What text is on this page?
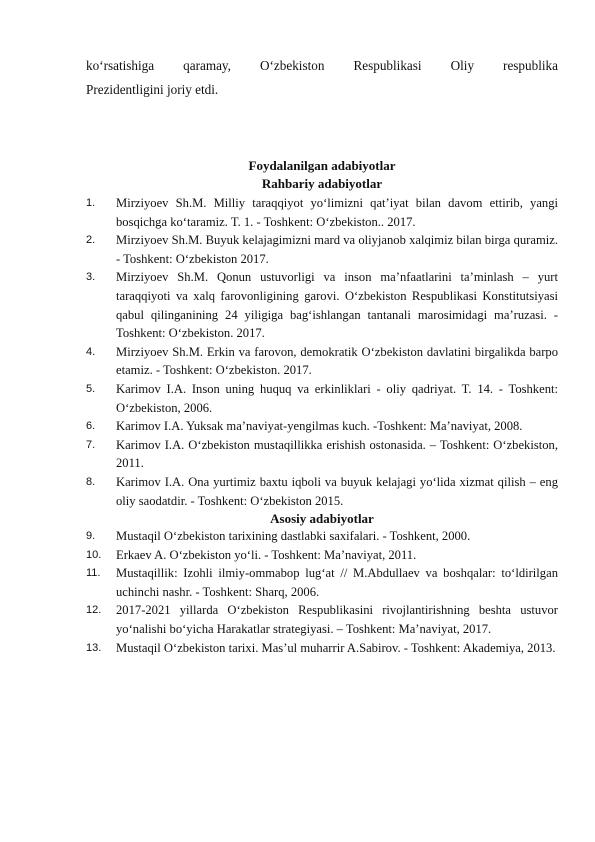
ko‘rsatishiga qaramay, O‘zbekiston Respublikasi Oliy respublika
Prezidentligini joriy etdi.
Foydalanilgan adabiyotlar
Rahbariy adabiyotlar
1.	Mirziyoev Sh.M. Milliy taraqqiyot yo‘limizni qat’iyat bilan davom ettirib, yangi bosqichga ko‘taramiz. T. 1. - Toshkent: O‘zbekiston.. 2017.
2.	Mirziyoev Sh.M. Buyuk kelajagimizni mard va oliyjanob xalqimiz bilan birga quramiz. - Toshkent: O‘zbekiston 2017.
3.	Mirziyoev Sh.M. Qonun ustuvorligi va inson ma’nfaatlarini ta’minlash – yurt taraqqiyoti va xalq farovonligining garovi. O‘zbekiston Respublikasi Konstitutsiyasi qabul qilinganining 24 yiligiga bag‘ishlangan tantanali marosimidagi ma’ruzasi. - Toshkent: O‘zbekiston. 2017.
4.	Mirziyoev Sh.M. Erkin va farovon, demokratik O‘zbekiston davlatini birgalikda barpo etamiz. - Toshkent: O‘zbekiston. 2017.
5.	Karimov I.A. Inson uning huquq va erkinliklari - oliy qadriyat. T. 14. - Toshkent: O‘zbekiston, 2006.
6.	Karimov I.A. Yuksak ma’naviyat-yengilmas kuch. -Toshkent: Ma’naviyat, 2008.
7.	Karimov I.A. O‘zbekiston mustaqillikka erishish ostonasida. – Toshkent: O‘zbekiston, 2011.
8.	Karimov I.A. Ona yurtimiz baxtu iqboli va buyuk kelajagi yo‘lida xizmat qilish – eng oliy saodatdir. - Toshkent: O‘zbekiston 2015.
Asosiy adabiyotlar
9.	Mustaqil O‘zbekiston tarixining dastlabki saxifalari. - Toshkent, 2000.
10.	Erkaev A. O‘zbekiston yo‘li. - Toshkent: Ma’naviyat, 2011.
11.	Mustaqillik: Izohli ilmiy-ommabop lug‘at // M.Abdullaev va boshqalar: to‘ldirilgan uchinchi nashr. - Toshkent: Sharq, 2006.
12.	2017-2021 yillarda O‘zbekiston Respublikasini rivojlantirishning beshta ustuvor yo‘nalishi bo‘yicha Harakatlar strategiyasi. – Toshkent: Ma’naviyat, 2017.
13.	Mustaqil O‘zbekiston tarixi. Mas’ul muharrir A.Sabirov. - Toshkent: Akademiya, 2013.
